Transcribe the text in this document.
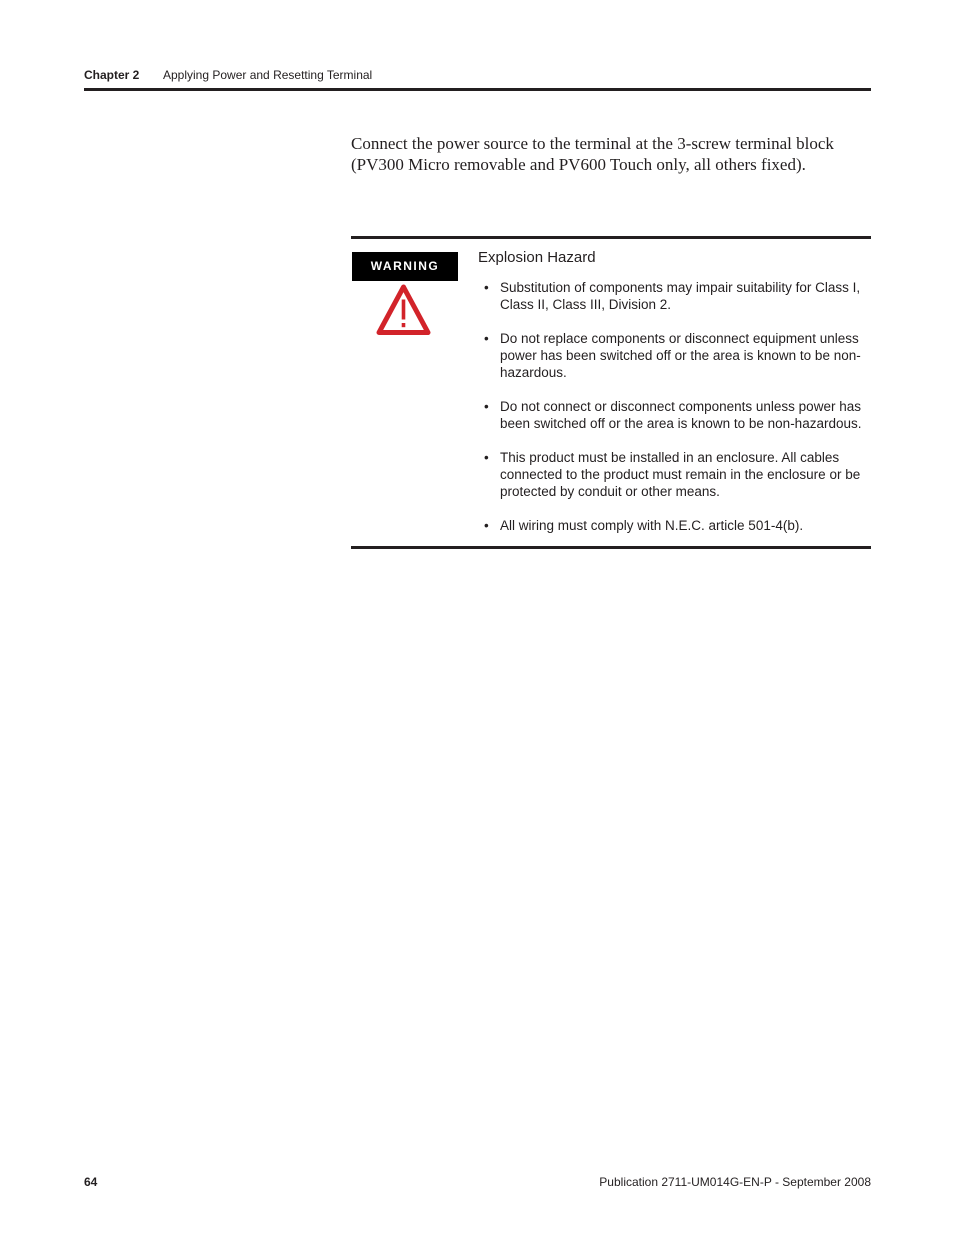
Chapter 2 Applying Power and Resetting Terminal

Connect the power source to the terminal at the 3-screw terminal block (PV300 Micro removable and PV600 Touch only, all others fixed).

WARNING	Explosion Hazard
• Substitution of components may impair suitability for Class I, Class II, Class III, Division 2.
• Do not replace components or disconnect equipment unless power has been switched off or the area is known to be non-hazardous.
• Do not connect or disconnect components unless power has been switched off or the area is known to be non-hazardous.
• This product must be installed in an enclosure. All cables connected to the product must remain in the enclosure or be protected by conduit or other means.
• All wiring must comply with N.E.C. article 501-4(b).
64	Publication 2711-UM014G-EN-P - September 2008
